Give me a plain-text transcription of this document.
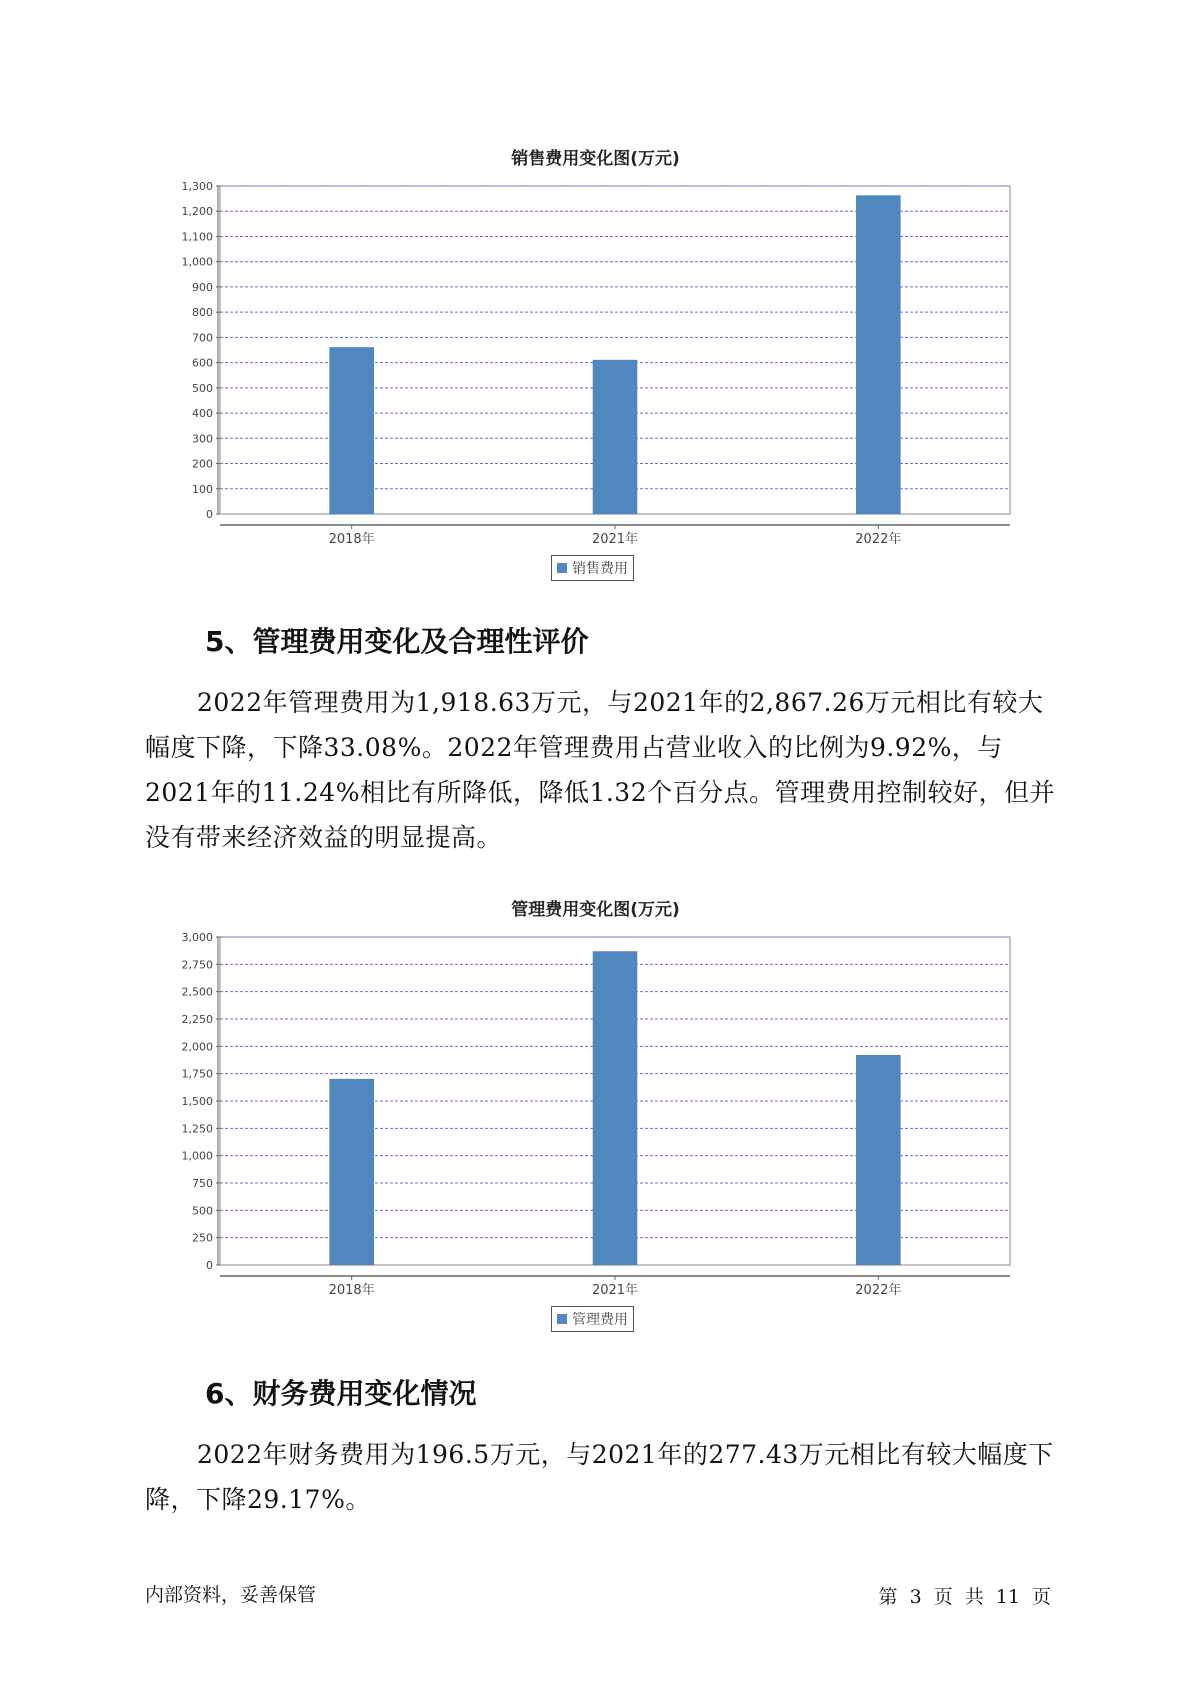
销售费用变化图(万元)
0
100
200
300
400
500
600
700
800
900
1,000
1,100
1,200
1,300
2018年	2021年	2022年
销售费用
5、管理费用变化及合理性评价

2022年管理费用为1,918.63万元，与2021年的2,867.26万元相比有较大幅度下降，下降33.08%。2022年管理费用占营业收入的比例为9.92%，与2021年的11.24%相比有所降低，降低1.32个百分点。管理费用控制较好，但并没有带来经济效益的明显提高。

管理费用变化图(万元)
0
250
500
750
1,000
1,250
1,500
1,750
2,000
2,250
2,500
2,750
3,000
2018年	2021年	2022年
管理费用
6、财务费用变化情况

2022年财务费用为196.5万元，与2021年的277.43万元相比有较大幅度下降，下降29.17%。

内部资料，妥善保管	第 3 页 共 11 页
